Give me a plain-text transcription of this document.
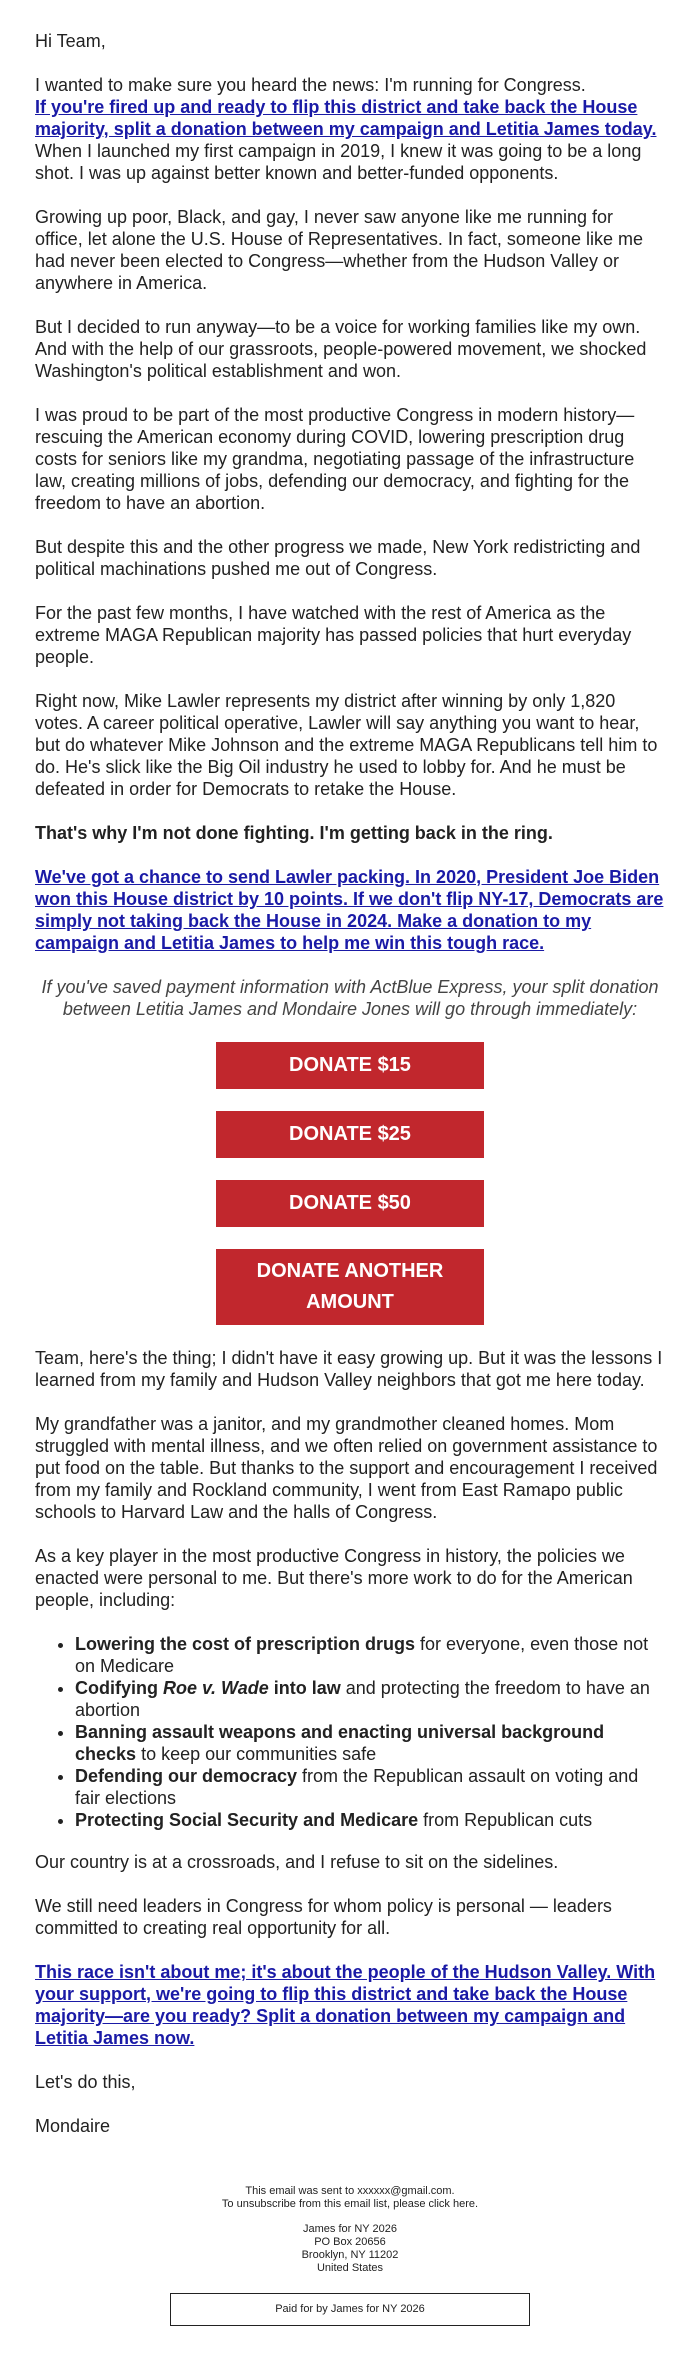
Hi Team,

I wanted to make sure you heard the news: I'm running for Congress.
If you're fired up and ready to flip this district and take back the House majority, split a donation between my campaign and Letitia James today.
When I launched my first campaign in 2019, I knew it was going to be a long shot. I was up against better known and better-funded opponents.

Growing up poor, Black, and gay, I never saw anyone like me running for office, let alone the U.S. House of Representatives. In fact, someone like me had never been elected to Congress—whether from the Hudson Valley or anywhere in America.

But I decided to run anyway—to be a voice for working families like my own. And with the help of our grassroots, people-powered movement, we shocked Washington's political establishment and won.

I was proud to be part of the most productive Congress in modern history—rescuing the American economy during COVID, lowering prescription drug costs for seniors like my grandma, negotiating passage of the infrastructure law, creating millions of jobs, defending our democracy, and fighting for the freedom to have an abortion.

But despite this and the other progress we made, New York redistricting and political machinations pushed me out of Congress.

For the past few months, I have watched with the rest of America as the extreme MAGA Republican majority has passed policies that hurt everyday people.

Right now, Mike Lawler represents my district after winning by only 1,820 votes. A career political operative, Lawler will say anything you want to hear, but do whatever Mike Johnson and the extreme MAGA Republicans tell him to do. He's slick like the Big Oil industry he used to lobby for. And he must be defeated in order for Democrats to retake the House.

That's why I'm not done fighting. I'm getting back in the ring.

We've got a chance to send Lawler packing. In 2020, President Joe Biden won this House district by 10 points. If we don't flip NY-17, Democrats are simply not taking back the House in 2024. Make a donation to my campaign and Letitia James to help me win this tough race.

If you've saved payment information with ActBlue Express, your split donation between Letitia James and Mondaire Jones will go through immediately:

DONATE $15
DONATE $25
DONATE $50
DONATE ANOTHER AMOUNT

Team, here's the thing; I didn't have it easy growing up. But it was the lessons I learned from my family and Hudson Valley neighbors that got me here today.

My grandfather was a janitor, and my grandmother cleaned homes. Mom struggled with mental illness, and we often relied on government assistance to put food on the table. But thanks to the support and encouragement I received from my family and Rockland community, I went from East Ramapo public schools to Harvard Law and the halls of Congress.

As a key player in the most productive Congress in history, the policies we enacted were personal to me. But there's more work to do for the American people, including:

• Lowering the cost of prescription drugs for everyone, even those not on Medicare
• Codifying Roe v. Wade into law and protecting the freedom to have an abortion
• Banning assault weapons and enacting universal background checks to keep our communities safe
• Defending our democracy from the Republican assault on voting and fair elections
• Protecting Social Security and Medicare from Republican cuts

Our country is at a crossroads, and I refuse to sit on the sidelines.

We still need leaders in Congress for whom policy is personal — leaders committed to creating real opportunity for all.

This race isn't about me; it's about the people of the Hudson Valley. With your support, we're going to flip this district and take back the House majority—are you ready? Split a donation between my campaign and Letitia James now.

Let's do this,

Mondaire

This email was sent to xxxxxx@gmail.com.
To unsubscribe from this email list, please click here.

James for NY 2026
PO Box 20656
Brooklyn, NY 11202
United States

Paid for by James for NY 2026
